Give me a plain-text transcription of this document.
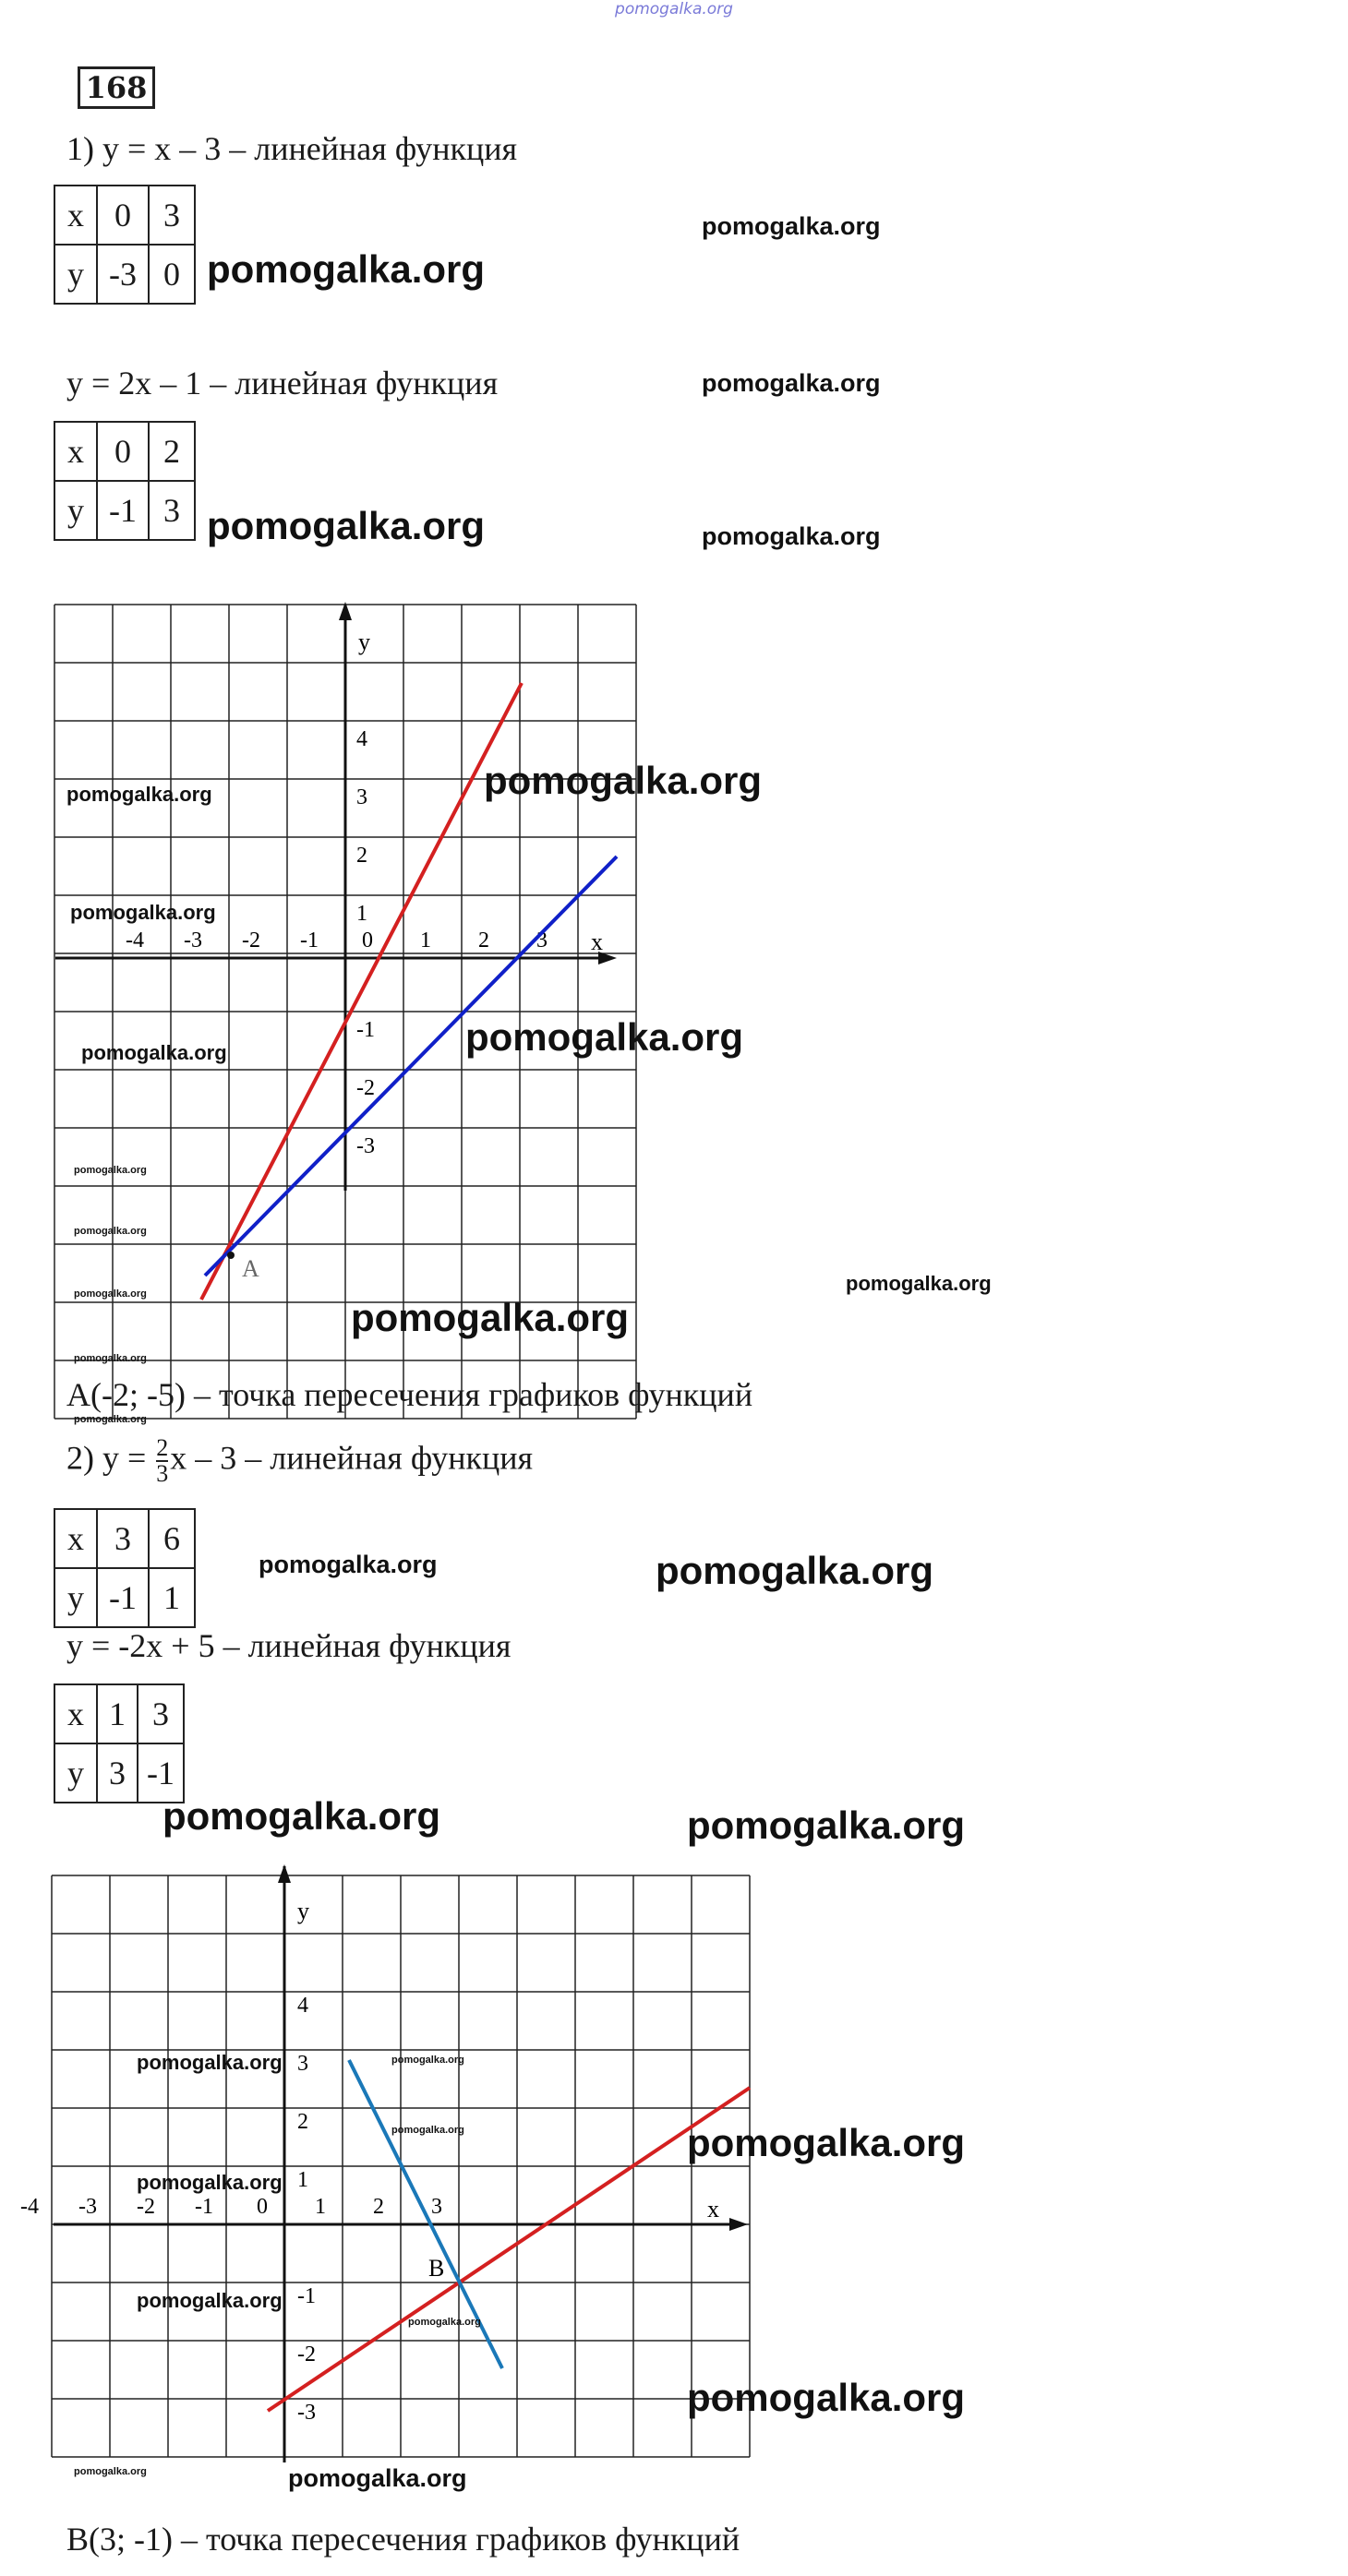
pomogalka.org
168
1) y = x – 3 – линейная функция
x	0	3
y	-3	0
y = 2x – 1 – линейная функция
x	0	2
y	-1	3
-4 -3 -2 -1 0 1 2 3
4
3
2
1
-1
-2
-3
y
x
A
pomogalka.org
pomogalka.org
pomogalka.org
pomogalka.org	pomogalka.org
pomogalka.org
pomogalka.org
pomogalka.org
pomogalka.org
pomogalka.org
pomogalka.org
pomogalka.org
pomogalka.org
pomogalka.org
pomogalka.org
pomogalka.org
pomogalka.org
A(-2; -5) – точка пересечения графиков функций
2) $y = \frac{2}{3}$ x – 3 – линейная функция
x	3	6
y	-1	1
pomogalka.org	pomogalka.org
y = -2x + 5 – линейная функция
x	1	3
y	3	-1
pomogalka.org	pomogalka.org
-4 -3 -2 -1 0 1 2 3
4
3
2
1
-1
-2
-3
y
x
B
pomogalka.org	pomogalka.org
pomogalka.org	pomogalka.org
pomogalka.org
pomogalka.org
pomogalka.org
pomogalka.org
pomogalka.org	pomogalka.org
B(3; -1) – точка пересечения графиков функций
